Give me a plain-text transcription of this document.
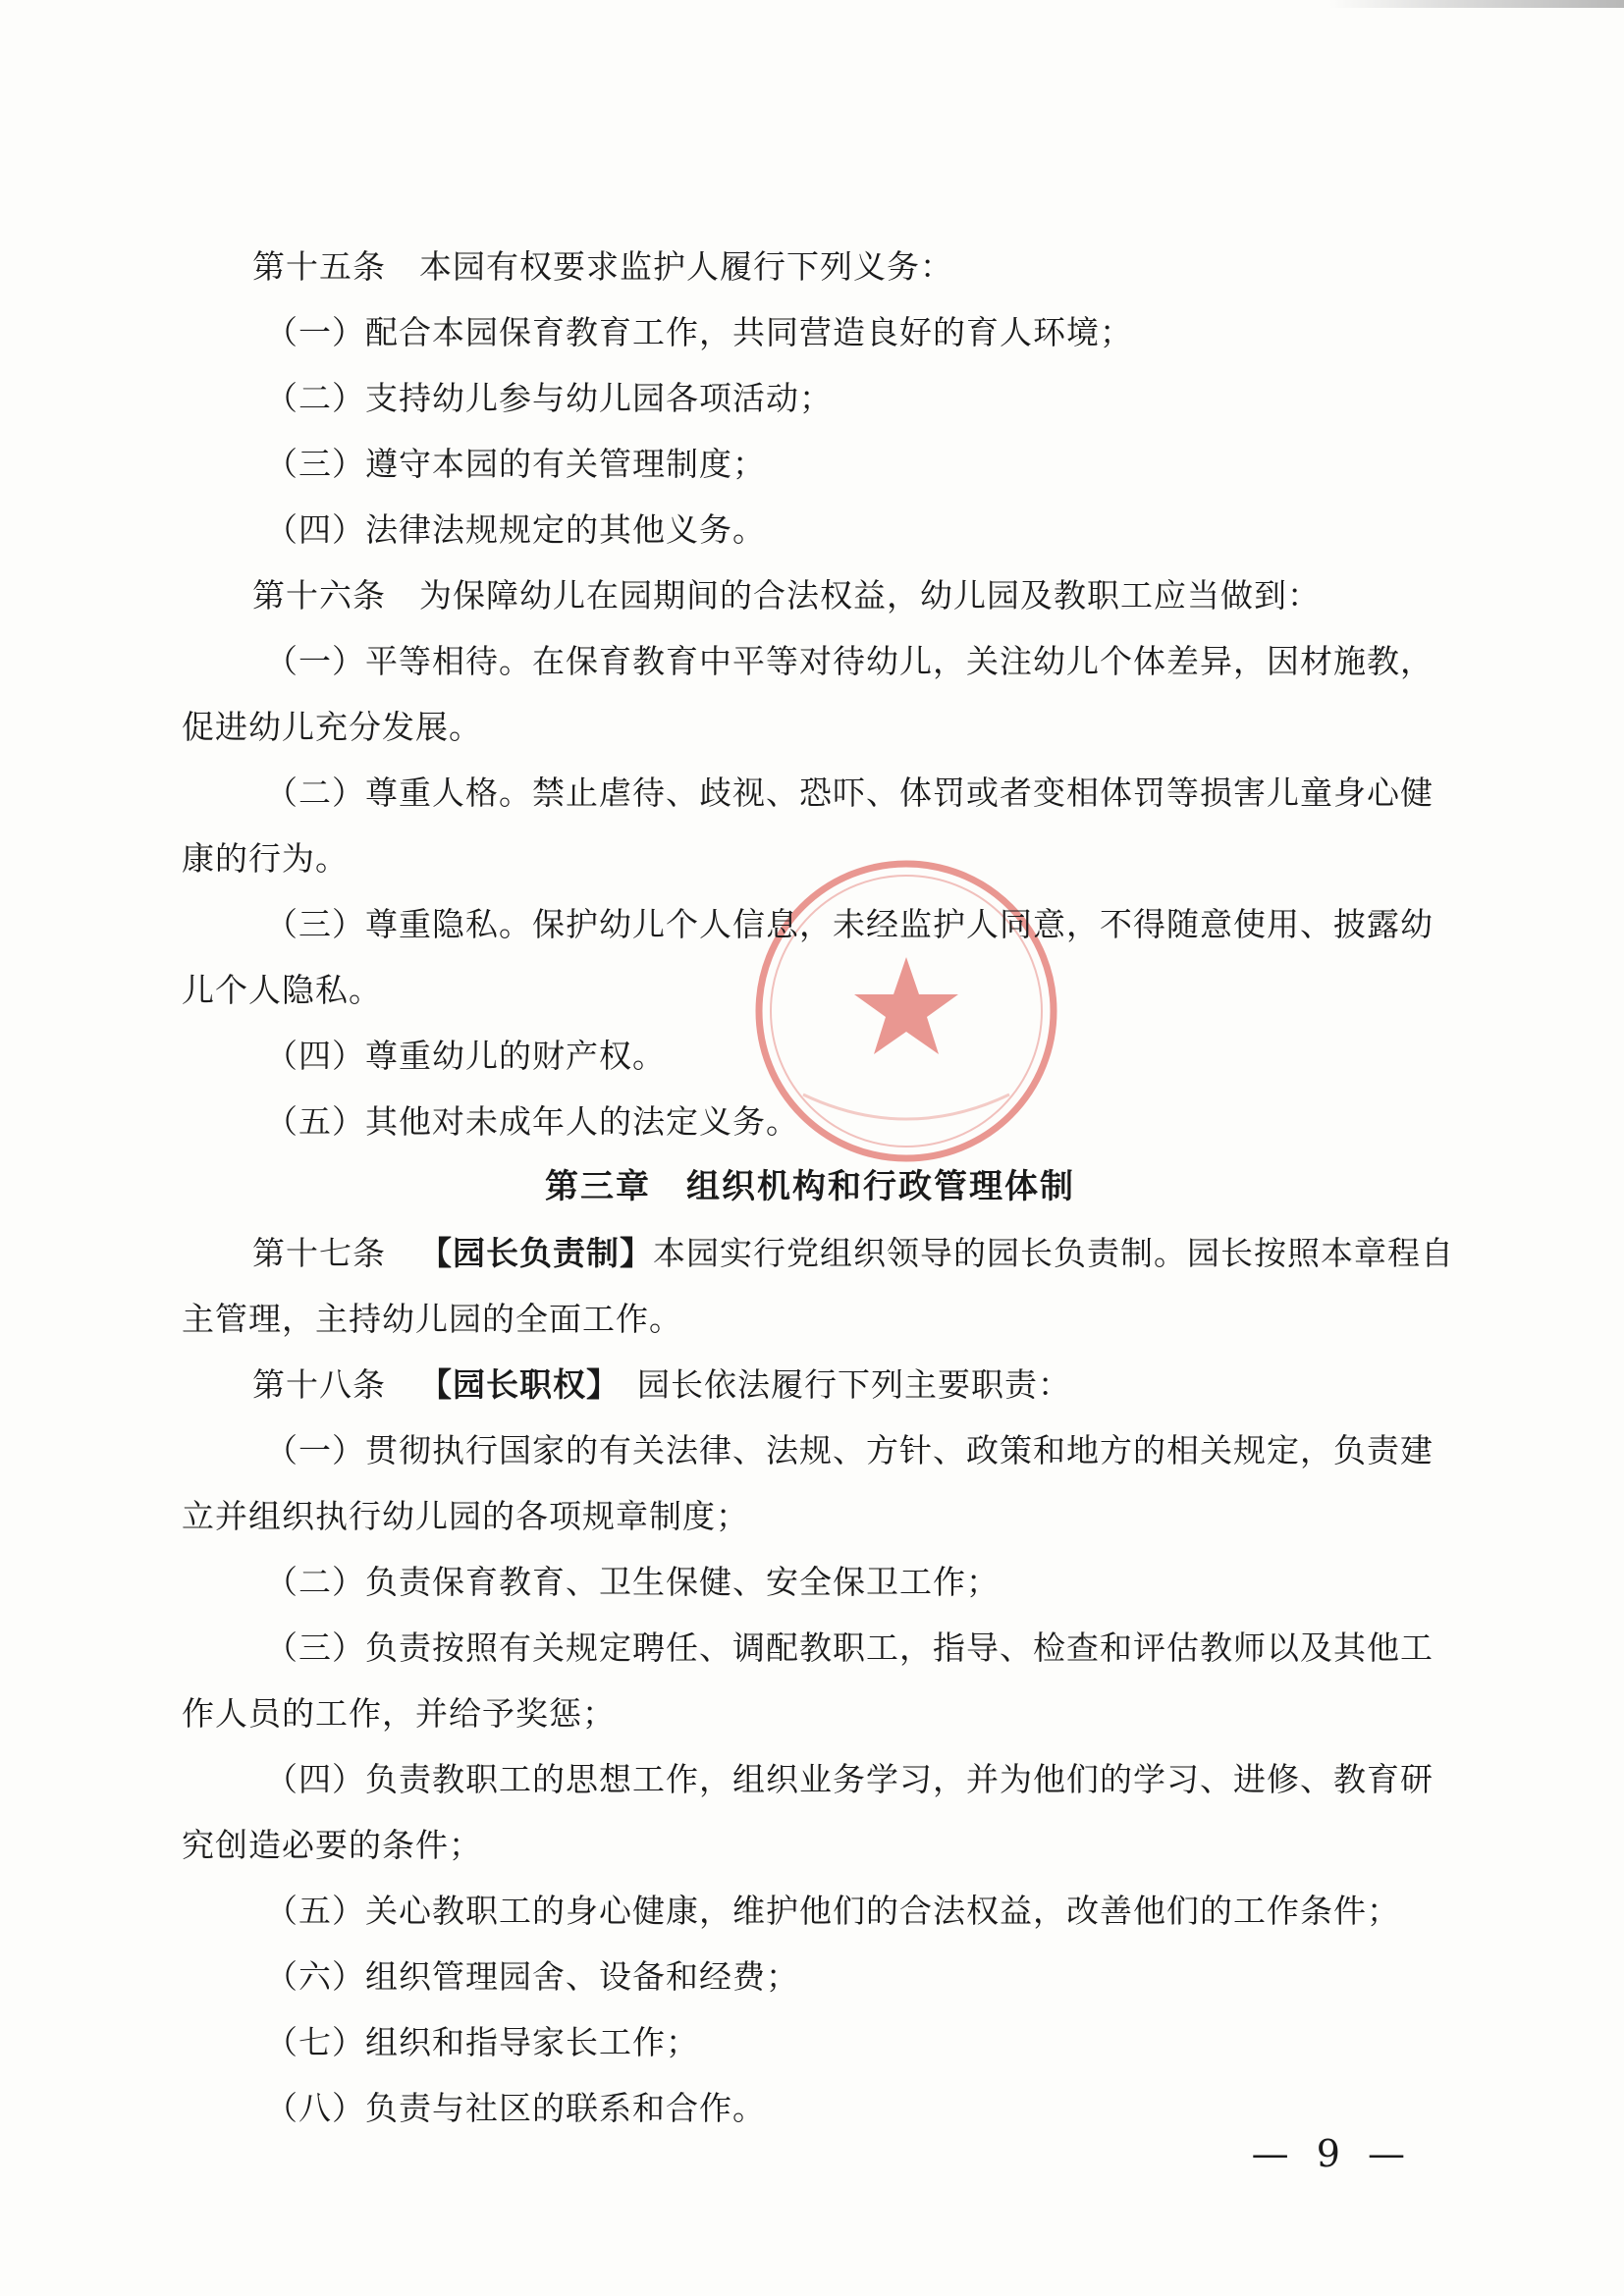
第十五条　本园有权要求监护人履行下列义务：
（一）配合本园保育教育工作，共同营造良好的育人环境；
（二）支持幼儿参与幼儿园各项活动；
（三）遵守本园的有关管理制度；
（四）法律法规规定的其他义务。
第十六条　为保障幼儿在园期间的合法权益，幼儿园及教职工应当做到：
（一）平等相待。在保育教育中平等对待幼儿，关注幼儿个体差异，因材施教，
促进幼儿充分发展。
（二）尊重人格。禁止虐待、歧视、恐吓、体罚或者变相体罚等损害儿童身心健
康的行为。
（三）尊重隐私。保护幼儿个人信息，未经监护人同意，不得随意使用、披露幼
儿个人隐私。
（四）尊重幼儿的财产权。
（五）其他对未成年人的法定义务。
第三章　组织机构和行政管理体制
第十七条 【园长负责制】本园实行党组织领导的园长负责制。园长按照本章程自
主管理，主持幼儿园的全面工作。
第十八条 【园长职权】 园长依法履行下列主要职责：
（一）贯彻执行国家的有关法律、法规、方针、政策和地方的相关规定，负责建
立并组织执行幼儿园的各项规章制度；
（二）负责保育教育、卫生保健、安全保卫工作；
（三）负责按照有关规定聘任、调配教职工，指导、检查和评估教师以及其他工
作人员的工作，并给予奖惩；
（四）负责教职工的思想工作，组织业务学习，并为他们的学习、进修、教育研
究创造必要的条件；
（五）关心教职工的身心健康，维护他们的合法权益，改善他们的工作条件；
（六）组织管理园舍、设备和经费；
（七）组织和指导家长工作；
（八）负责与社区的联系和合作。
— 9 —
